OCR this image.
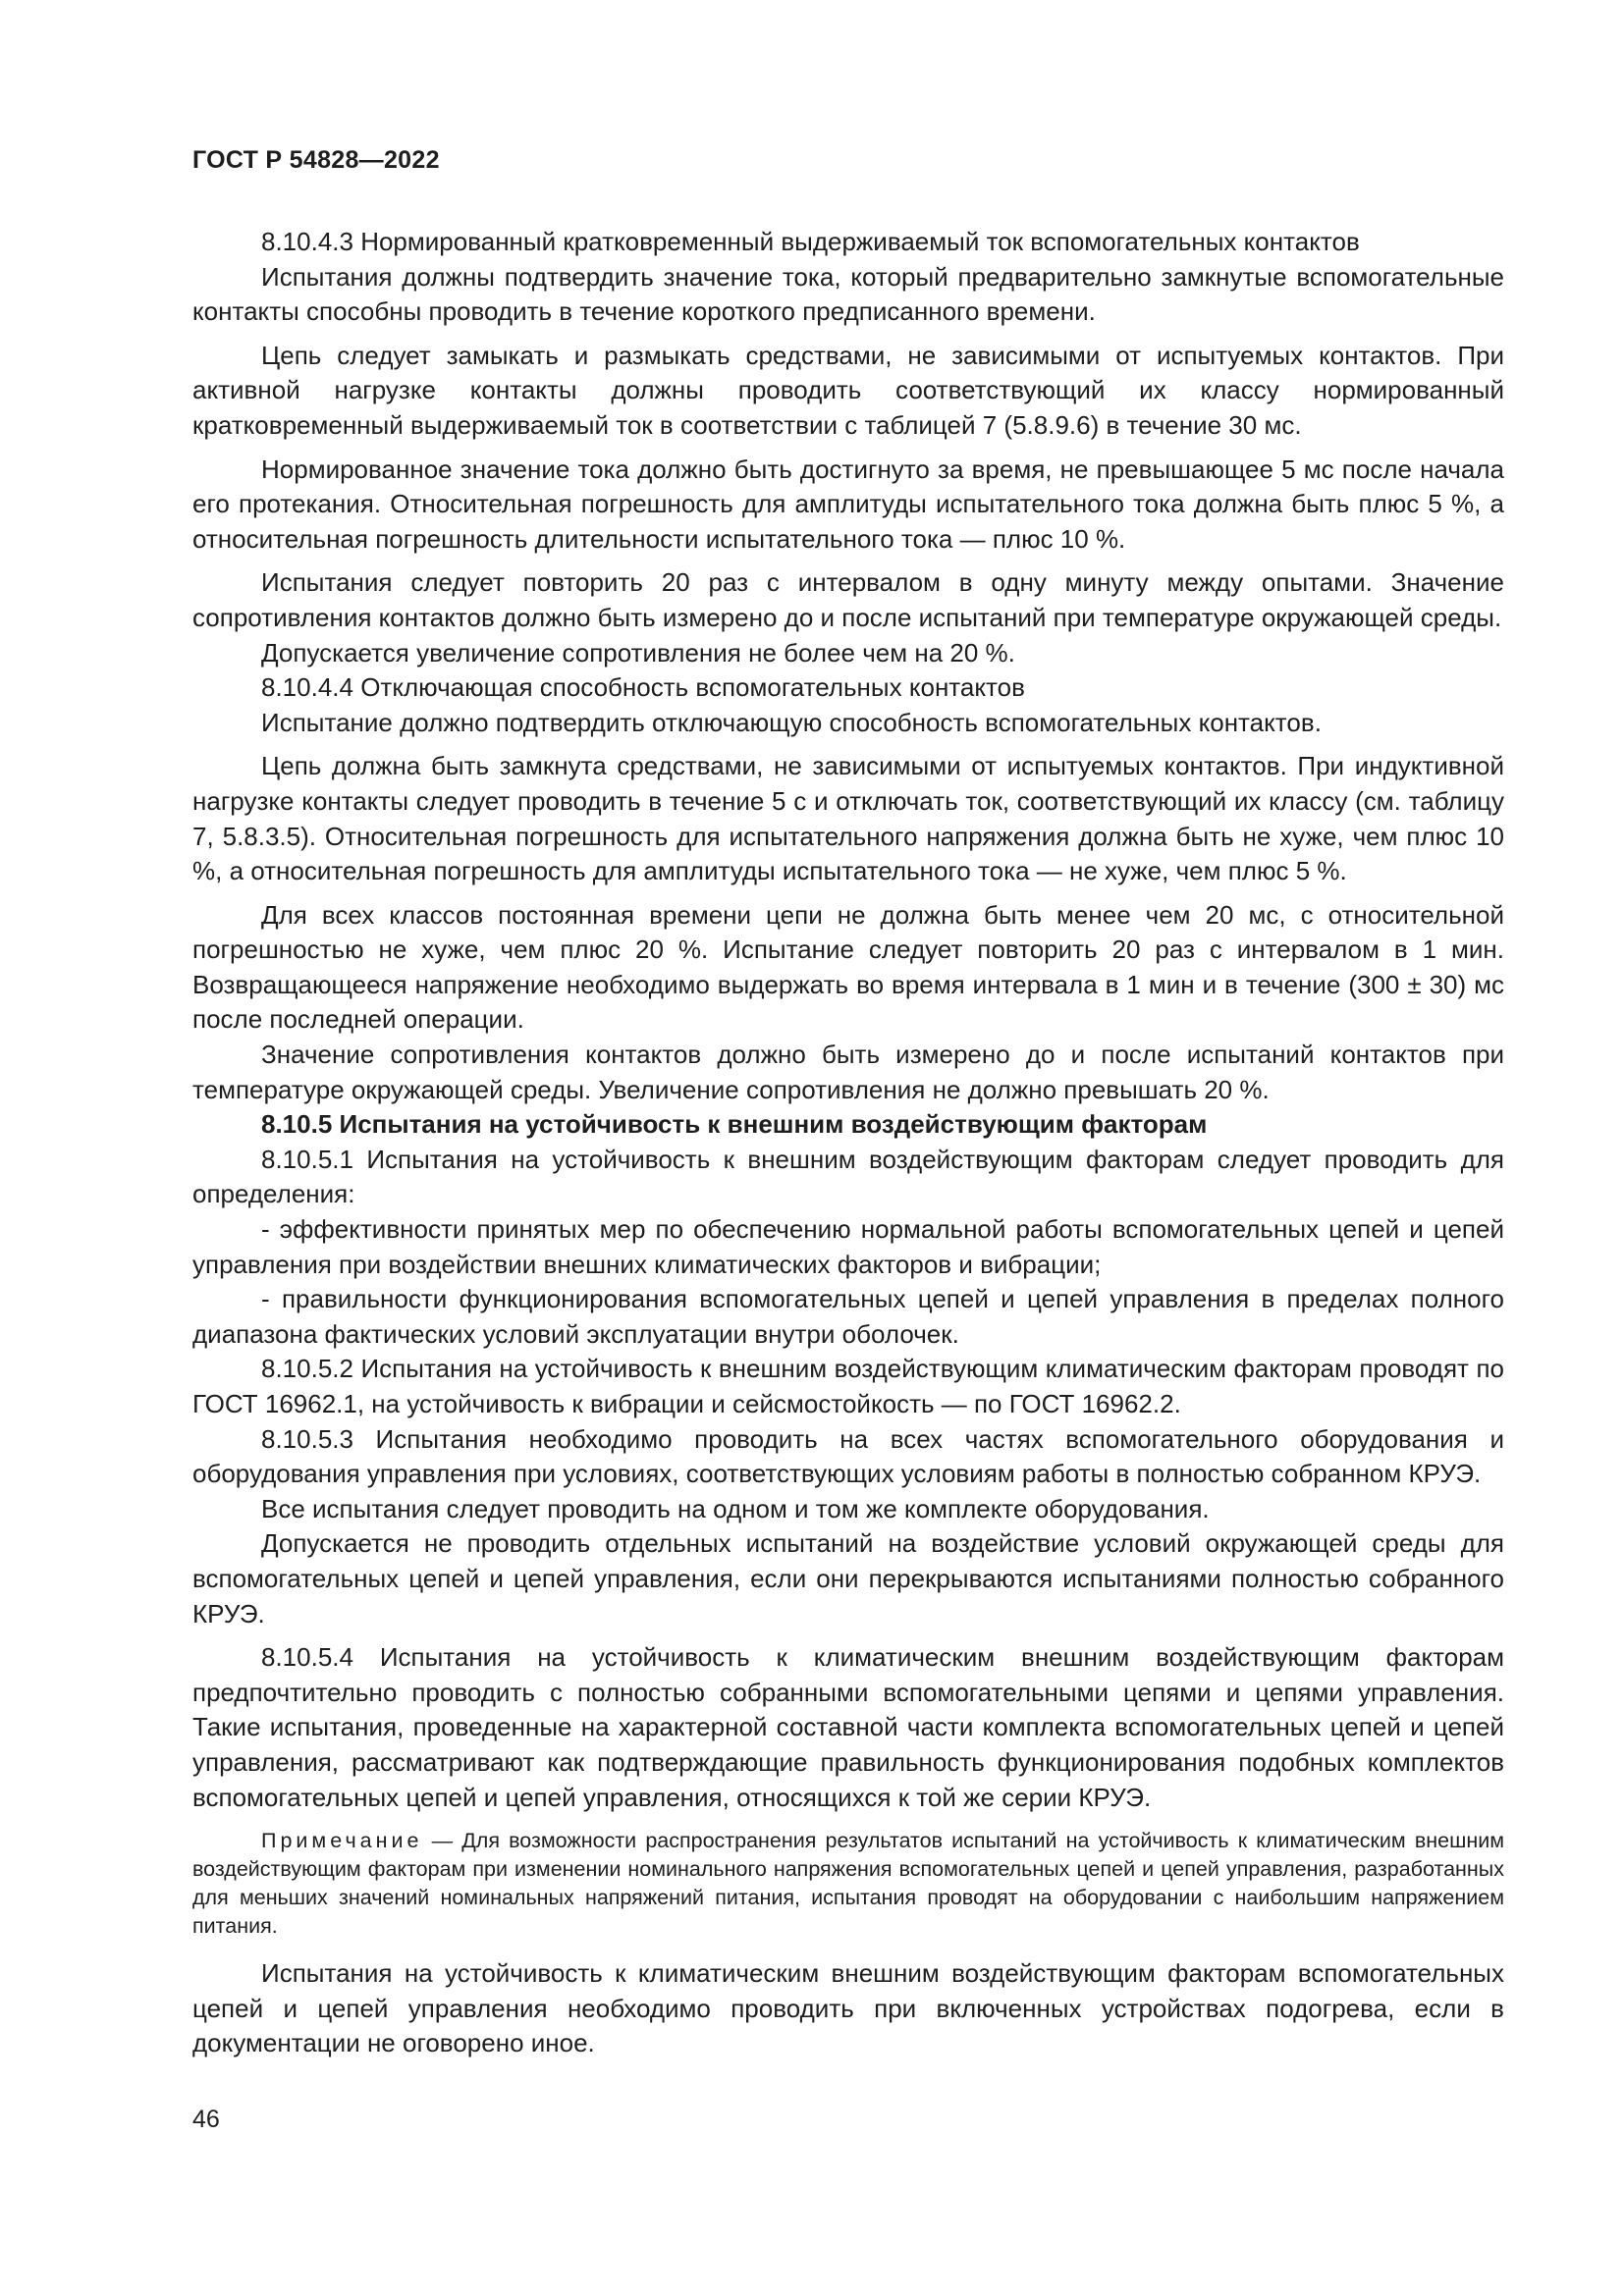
ГОСТ Р 54828—2022

8.10.4.3 Нормированный кратковременный выдерживаемый ток вспомогательных контактов

Испытания должны подтвердить значение тока, который предварительно замкнутые вспомогательные контакты способны проводить в течение короткого предписанного времени.

Цепь следует замыкать и размыкать средствами, не зависимыми от испытуемых контактов. При активной нагрузке контакты должны проводить соответствующий их классу нормированный кратковременный выдерживаемый ток в соответствии с таблицей 7 (5.8.9.6) в течение 30 мс.

Нормированное значение тока должно быть достигнуто за время, не превышающее 5 мс после начала его протекания. Относительная погрешность для амплитуды испытательного тока должна быть плюс 5 %, а относительная погрешность длительности испытательного тока — плюс 10 %.

Испытания следует повторить 20 раз с интервалом в одну минуту между опытами. Значение сопротивления контактов должно быть измерено до и после испытаний при температуре окружающей среды.

Допускается увеличение сопротивления не более чем на 20 %.

8.10.4.4 Отключающая способность вспомогательных контактов

Испытание должно подтвердить отключающую способность вспомогательных контактов.

Цепь должна быть замкнута средствами, не зависимыми от испытуемых контактов. При индуктивной нагрузке контакты следует проводить в течение 5 с и отключать ток, соответствующий их классу (см. таблицу 7, 5.8.3.5). Относительная погрешность для испытательного напряжения должна быть не хуже, чем плюс 10 %, а относительная погрешность для амплитуды испытательного тока — не хуже, чем плюс 5 %.

Для всех классов постоянная времени цепи не должна быть менее чем 20 мс, с относительной погрешностью не хуже, чем плюс 20 %. Испытание следует повторить 20 раз с интервалом в 1 мин. Возвращающееся напряжение необходимо выдержать во время интервала в 1 мин и в течение (300 ± 30) мс после последней операции.

Значение сопротивления контактов должно быть измерено до и после испытаний контактов при температуре окружающей среды. Увеличение сопротивления не должно превышать 20 %.

8.10.5 Испытания на устойчивость к внешним воздействующим факторам

8.10.5.1 Испытания на устойчивость к внешним воздействующим факторам следует проводить для определения:

- эффективности принятых мер по обеспечению нормальной работы вспомогательных цепей и цепей управления при воздействии внешних климатических факторов и вибрации;

- правильности функционирования вспомогательных цепей и цепей управления в пределах полного диапазона фактических условий эксплуатации внутри оболочек.

8.10.5.2 Испытания на устойчивость к внешним воздействующим климатическим факторам проводят по ГОСТ 16962.1, на устойчивость к вибрации и сейсмостойкость — по ГОСТ 16962.2.

8.10.5.3 Испытания необходимо проводить на всех частях вспомогательного оборудования и оборудования управления при условиях, соответствующих условиям работы в полностью собранном КРУЭ.

Все испытания следует проводить на одном и том же комплекте оборудования.

Допускается не проводить отдельных испытаний на воздействие условий окружающей среды для вспомогательных цепей и цепей управления, если они перекрываются испытаниями полностью собранного КРУЭ.

8.10.5.4 Испытания на устойчивость к климатическим внешним воздействующим факторам предпочтительно проводить с полностью собранными вспомогательными цепями и цепями управления. Такие испытания, проведенные на характерной составной части комплекта вспомогательных цепей и цепей управления, рассматривают как подтверждающие правильность функционирования подобных комплектов вспомогательных цепей и цепей управления, относящихся к той же серии КРУЭ.

Примечание — Для возможности распространения результатов испытаний на устойчивость к климатическим внешним воздействующим факторам при изменении номинального напряжения вспомогательных цепей и цепей управления, разработанных для меньших значений номинальных напряжений питания, испытания проводят на оборудовании с наибольшим напряжением питания.

Испытания на устойчивость к климатическим внешним воздействующим факторам вспомогательных цепей и цепей управления необходимо проводить при включенных устройствах подогрева, если в документации не оговорено иное.

46
